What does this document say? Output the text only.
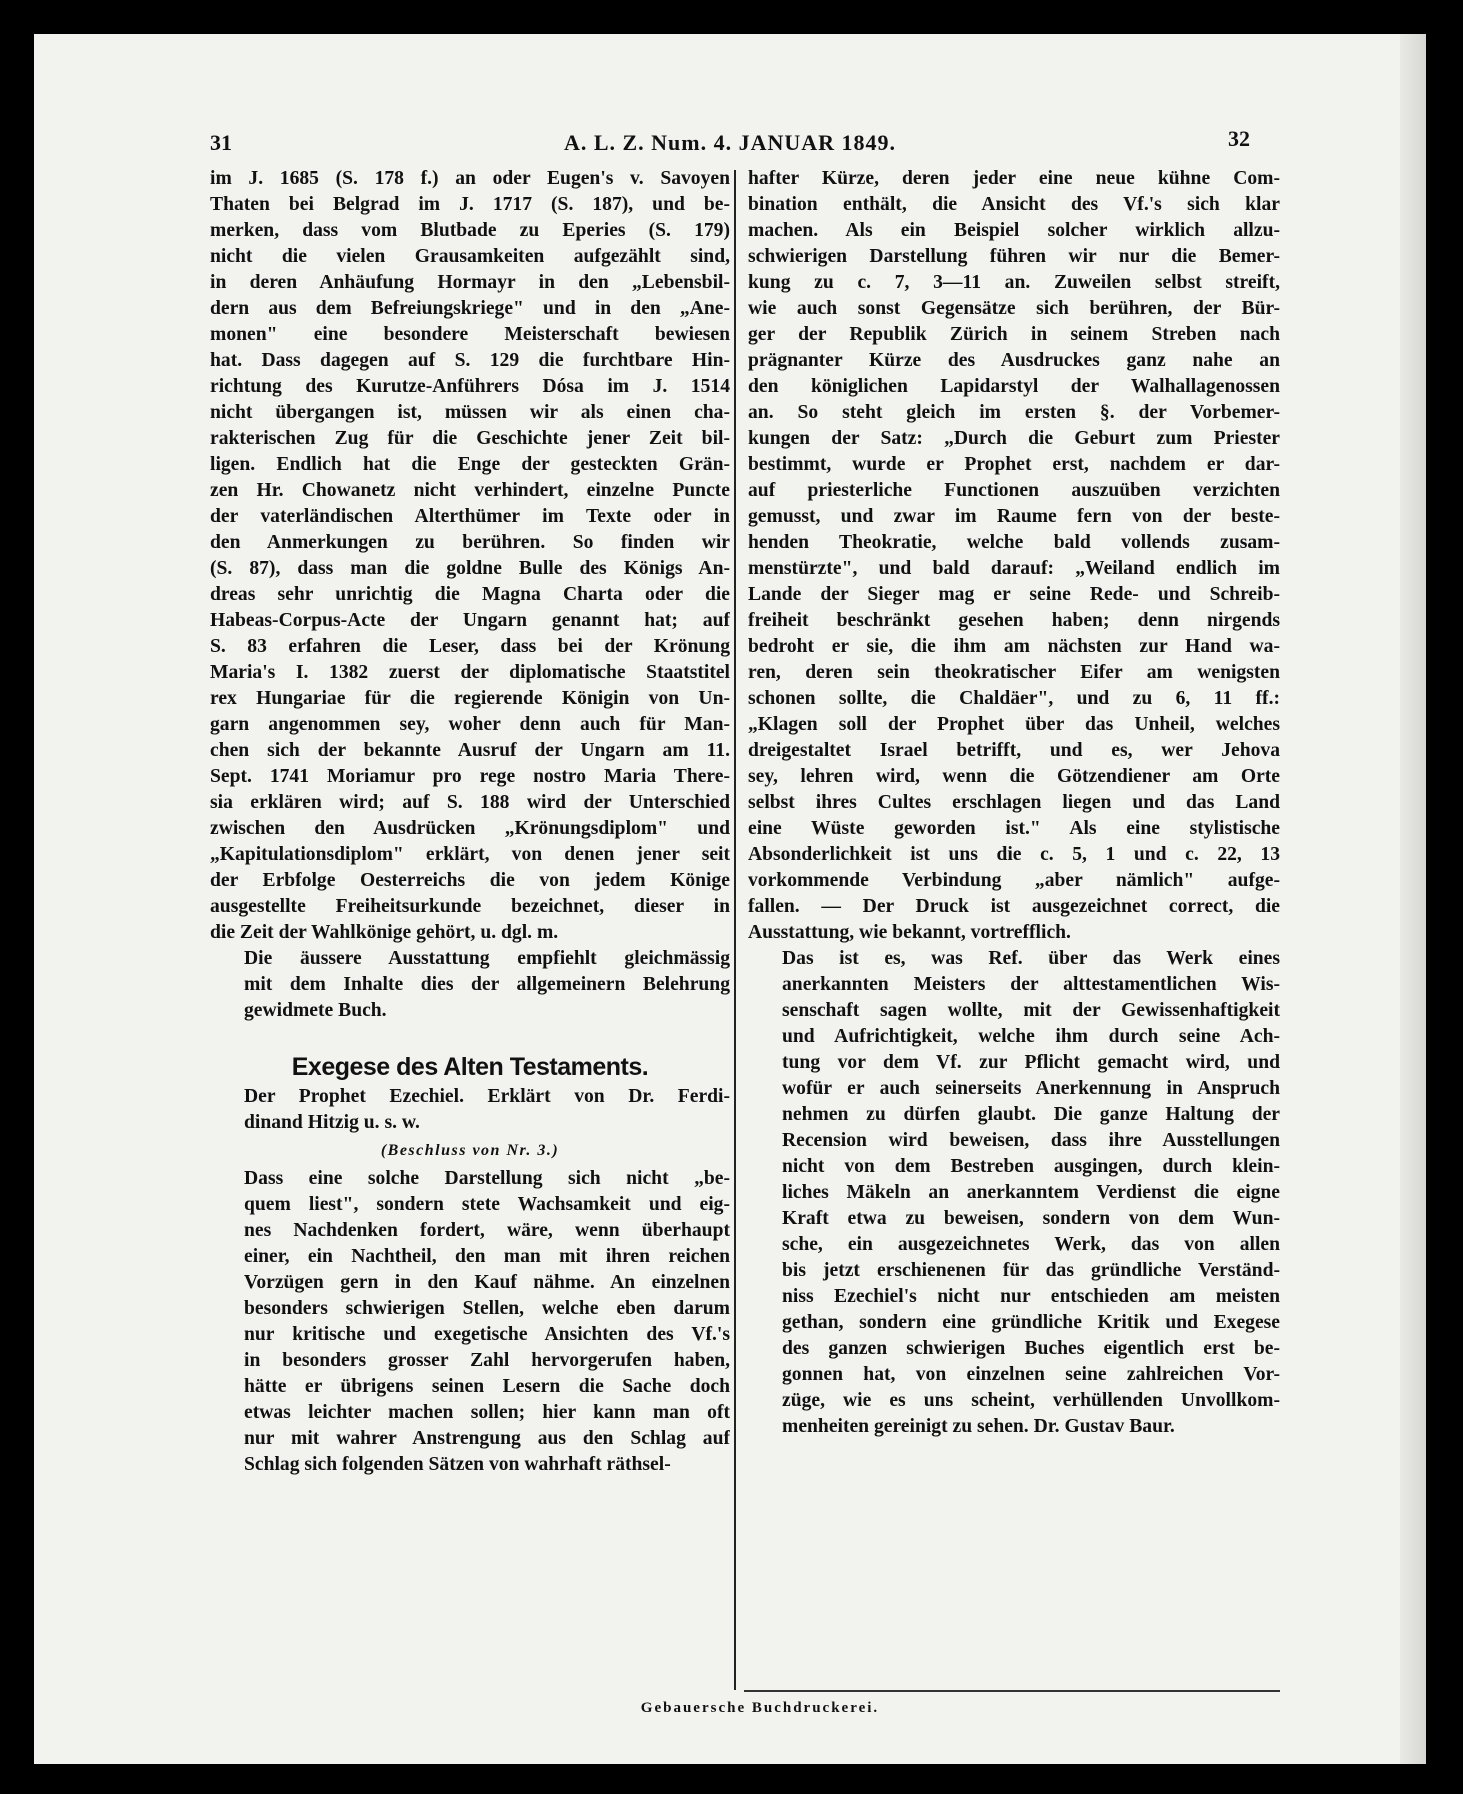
31	A. L. Z. Num. 4. JANUAR 1849.	32

im J. 1685 (S. 178 f.) an oder Eugen's v. Savoyen
Thaten bei Belgrad im J. 1717 (S. 187), und be-
merken, dass vom Blutbade zu Eperies (S. 179)
nicht die vielen Grausamkeiten aufgezählt sind,
in deren Anhäufung Hormayr in den „Lebensbil-
dern aus dem Befreiungskriege" und in den „Ane-
monen" eine besondere Meisterschaft bewiesen
hat. Dass dagegen auf S. 129 die furchtbare Hin-
richtung des Kurutze-Anführers Dósa im J. 1514
nicht übergangen ist, müssen wir als einen cha-
rakterischen Zug für die Geschichte jener Zeit bil-
ligen. Endlich hat die Enge der gesteckten Grän-
zen Hr. Chowanetz nicht verhindert, einzelne Puncte
der vaterländischen Alterthümer im Texte oder in
den Anmerkungen zu berühren. So finden wir
(S. 87), dass man die goldne Bulle des Königs An-
dreas sehr unrichtig die Magna Charta oder die
Habeas-Corpus-Acte der Ungarn genannt hat; auf
S. 83 erfahren die Leser, dass bei der Krönung
Maria's I. 1382 zuerst der diplomatische Staatstitel
rex Hungariae für die regierende Königin von Un-
garn angenommen sey, woher denn auch für Man-
chen sich der bekannte Ausruf der Ungarn am 11.
Sept. 1741 Moriamur pro rege nostro Maria There-
sia erklären wird; auf S. 188 wird der Unterschied
zwischen den Ausdrücken „Krönungsdiplom" und
„Kapitulationsdiplom" erklärt, von denen jener seit
der Erbfolge Oesterreichs die von jedem Könige
ausgestellte Freiheitsurkunde bezeichnet, dieser in
die Zeit der Wahlkönige gehört, u. dgl. m.

Die äussere Ausstattung empfiehlt gleichmässig
mit dem Inhalte dies der allgemeinern Belehrung
gewidmete Buch.

Exegese des Alten Testaments.

Der Prophet Ezechiel. Erklärt von Dr. Ferdi-
dinand Hitzig u. s. w.

(Beschluss von Nr. 3.)

Dass eine solche Darstellung sich nicht „be-
quem liest", sondern stete Wachsamkeit und eig-
nes Nachdenken fordert, wäre, wenn überhaupt
einer, ein Nachtheil, den man mit ihren reichen
Vorzügen gern in den Kauf nähme. An einzelnen
besonders schwierigen Stellen, welche eben darum
nur kritische und exegetische Ansichten des Vf.'s
in besonders grosser Zahl hervorgerufen haben,
hätte er übrigens seinen Lesern die Sache doch
etwas leichter machen sollen; hier kann man oft
nur mit wahrer Anstrengung aus den Schlag auf
Schlag sich folgenden Sätzen von wahrhaft räthsel-

hafter Kürze, deren jeder eine neue kühne Com-
bination enthält, die Ansicht des Vf.'s sich klar
machen. Als ein Beispiel solcher wirklich allzu-
schwierigen Darstellung führen wir nur die Bemer-
kung zu c. 7, 3—11 an. Zuweilen selbst streift,
wie auch sonst Gegensätze sich berühren, der Bür-
ger der Republik Zürich in seinem Streben nach
prägnanter Kürze des Ausdruckes ganz nahe an
den königlichen Lapidarstyl der Walhallagenossen
an. So steht gleich im ersten §. der Vorbemer-
kungen der Satz: „Durch die Geburt zum Priester
bestimmt, wurde er Prophet erst, nachdem er dar-
auf priesterliche Functionen auszuüben verzichten
gemusst, und zwar im Raume fern von der beste-
henden Theokratie, welche bald vollends zusam-
menstürzte", und bald darauf: „Weiland endlich im
Lande der Sieger mag er seine Rede- und Schreib-
freiheit beschränkt gesehen haben; denn nirgends
bedroht er sie, die ihm am nächsten zur Hand wa-
ren, deren sein theokratischer Eifer am wenigsten
schonen sollte, die Chaldäer", und zu 6, 11 ff.:
„Klagen soll der Prophet über das Unheil, welches
dreigestaltet Israel betrifft, und es, wer Jehova
sey, lehren wird, wenn die Götzendiener am Orte
selbst ihres Cultes erschlagen liegen und das Land
eine Wüste geworden ist." Als eine stylistische
Absonderlichkeit ist uns die c. 5, 1 und c. 22, 13
vorkommende Verbindung „aber nämlich" aufge-
fallen. — Der Druck ist ausgezeichnet correct, die
Ausstattung, wie bekannt, vortrefflich.

Das ist es, was Ref. über das Werk eines
anerkannten Meisters der alttestamentlichen Wis-
senschaft sagen wollte, mit der Gewissenhaftigkeit
und Aufrichtigkeit, welche ihm durch seine Ach-
tung vor dem Vf. zur Pflicht gemacht wird, und
wofür er auch seinerseits Anerkennung in Anspruch
nehmen zu dürfen glaubt. Die ganze Haltung der
Recension wird beweisen, dass ihre Ausstellungen
nicht von dem Bestreben ausgingen, durch klein-
liches Mäkeln an anerkanntem Verdienst die eigne
Kraft etwa zu beweisen, sondern von dem Wun-
sche, ein ausgezeichnetes Werk, das von allen
bis jetzt erschienenen für das gründliche Verständ-
niss Ezechiel's nicht nur entschieden am meisten
gethan, sondern eine gründliche Kritik und Exegese
des ganzen schwierigen Buches eigentlich erst be-
gonnen hat, von einzelnen seine zahlreichen Vor-
züge, wie es uns scheint, verhüllenden Unvollkom-
menheiten gereinigt zu sehen. Dr. Gustav Baur.

Gebauersche Buchdruckerei.
